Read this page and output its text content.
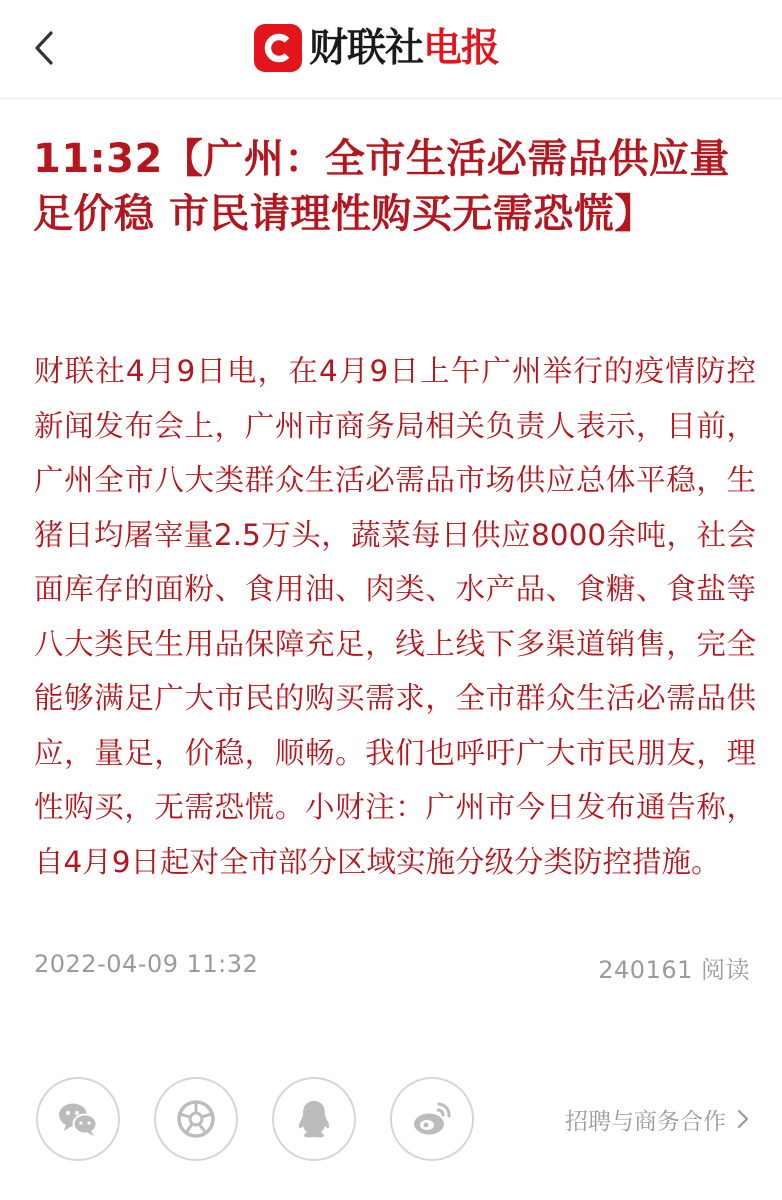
财联社 电报
11:32【广州：全市生活必需品供应量足价稳 市民请理性购买无需恐慌】

财联社4月9日电，在4月9日上午广州举行的疫情防控新闻发布会上，广州市商务局相关负责人表示，目前，广州全市八大类群众生活必需品市场供应总体平稳，生猪日均屠宰量2.5万头，蔬菜每日供应8000余吨，社会面库存的面粉、食用油、肉类、水产品、食糖、食盐等八大类民生用品保障充足，线上线下多渠道销售，完全能够满足广大市民的购买需求，全市群众生活必需品供应，量足，价稳，顺畅。我们也呼吁广大市民朋友，理性购买，无需恐慌。小财注：广州市今日发布通告称，自4月9日起对全市部分区域实施分级分类防控措施。

2022-04-09 11:32	240161 阅读
招聘与商务合作
